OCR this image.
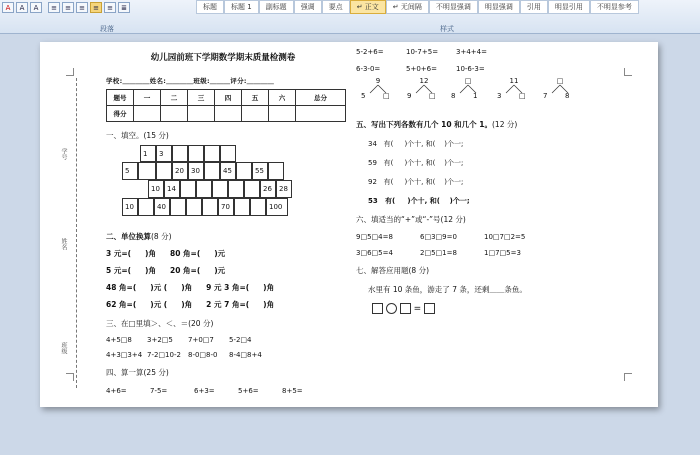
A	A	A	≡	≡	≡	≡	≡	≣
段落	样式
标题	标题 1	副标题	强调	要点	↵ 正文	↵ 无间隔	不明显强调	明显强调	引用	明显引用	不明显参考
学号
姓名
班级
幼儿园前班下学期数学期末质量检测卷
学校:＿＿＿＿姓名:＿＿＿＿班级:＿＿＿评分:＿＿＿＿
题号	一	二	三	四	五	六	总分
得分							
一、填空。(15 分)
1	3
5	20	30	45	55
10	14	26	28
10	40	70	100
二、单位换算(8 分)
3 元=( )角 80 角=( )元
5 元=( )角 20 角=( )元
48 角=( )元 ( )角 9 元 3 角=( )角
62 角=( )元 ( )角 2 元 7 角=( )角
三、在□里填＞、＜、＝(20 分)
4+5□8	3+2□5	7+0□7	5-2□4
4+3□3+4 7-2□10-2	8-0□8-0	8-4□8+4
四、算一算(25 分)
4+6=	7-5=	6+3=	5+6=	8+5=
5-2+6=	10-7+5=	3+4+4=
6-3-0=	5+0+6=	10-6-3=
9
5	□
12
9	□
□
8	1
11
3	□
□
7	8
五、写出下列各数有几个 10 和几个 1。(12 分)
34   有(     )个十, 和(    )个一;
59   有(     )个十, 和(    )个一;
92   有(     )个十, 和(    )个一;
53   有(     )个十, 和(    )个一;
六、填适当的“+”或“-”号(12 分)
9□5□4=8	6□3□9=0	10□7□2=5
3□6□5=4	2□5□1=8	1□7□5=3
七、解答应用题(8 分)
水里有 10 条鱼，游走了 7 条，还剩＿＿条鱼。
=
